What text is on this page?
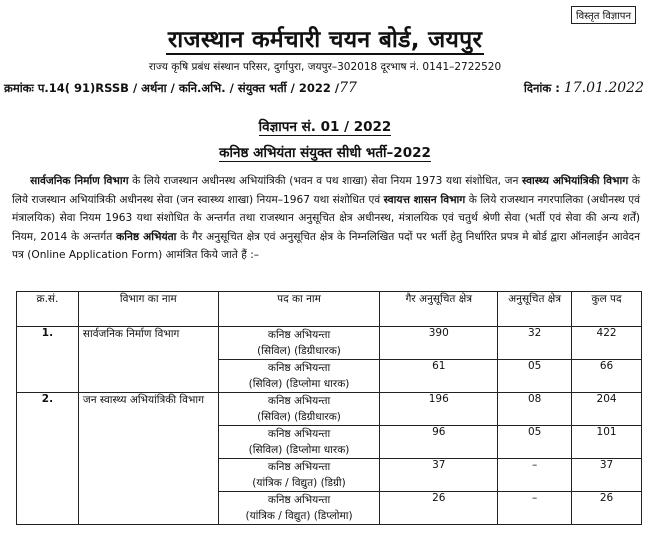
विस्तृत विज्ञापन
राजस्थान कर्मचारी चयन बोर्ड, जयपुर
राज्य कृषि प्रबंध संस्थान परिसर, दुर्गापुरा, जयपुर–302018 दूरभाष नं. 0141–2722520
क्रमांकः प.14( 91)RSSB / अर्थना / कनि.अभि. / संयुक्त भर्ती / 2022 /77	दिनांक : 17.01.2022
विज्ञापन सं. 01 / 2022
कनिष्ठ अभियंता संयुक्त सीधी भर्ती–2022
सार्वजनिक निर्माण विभाग के लिये राजस्थान अधीनस्थ अभियांत्रिकी (भवन व पथ शाखा) सेवा नियम 1973 यथा संशोधित, जन स्वास्थ्य अभियांत्रिकी विभाग के लिये राजस्थान अभियांत्रिकी अधीनस्थ सेवा (जन स्वास्थ्य शाखा) नियम–1967 यथा संशोधित एवं स्वायत्त शासन विभाग के लिये राजस्थान नगरपालिका (अधीनस्थ एवं मंत्रालयिक) सेवा नियम 1963 यथा संशोधित के अन्तर्गत तथा राजस्थान अनुसूचित क्षेत्र अधीनस्थ, मंत्रालयिक एवं चतुर्थ श्रेणी सेवा (भर्ती एवं सेवा की अन्य शर्तें) नियम, 2014 के अन्तर्गत कनिष्ठ अभियंता के गैर अनुसूचित क्षेत्र एवं अनुसूचित क्षेत्र के निम्नलिखित पदों पर भर्ती हेतु निर्धारित प्रपत्र मे बोर्ड द्वारा ऑनलाईन आवेदन पत्र (Online Application Form) आमंत्रित किये जाते हैं :–
क्र.सं.	विभाग का नाम	पद का नाम	गैर अनुसूचित क्षेत्र	अनुसूचित क्षेत्र	कुल पद
1.	सार्वजनिक निर्माण विभाग	कनिष्ठ अभियन्ता
(सिविल) (डिग्रीधारक)	390	32	422

		कनिष्ठ अभियन्ता
(सिविल) (डिप्लोमा धारक)	61	05	66
2.	जन स्वास्थ्य अभियांत्रिकी विभाग	कनिष्ठ अभियन्ता
(सिविल) (डिग्रीधारक)	196	08	204

		कनिष्ठ अभियन्ता
(सिविल) (डिप्लोमा धारक)	96	05	101

		कनिष्ठ अभियन्ता
(यांत्रिक / विद्युत) (डिग्री)	37	–	37

		कनिष्ठ अभियन्ता
(यांत्रिक / विद्युत) (डिप्लोमा)	26	–	26
